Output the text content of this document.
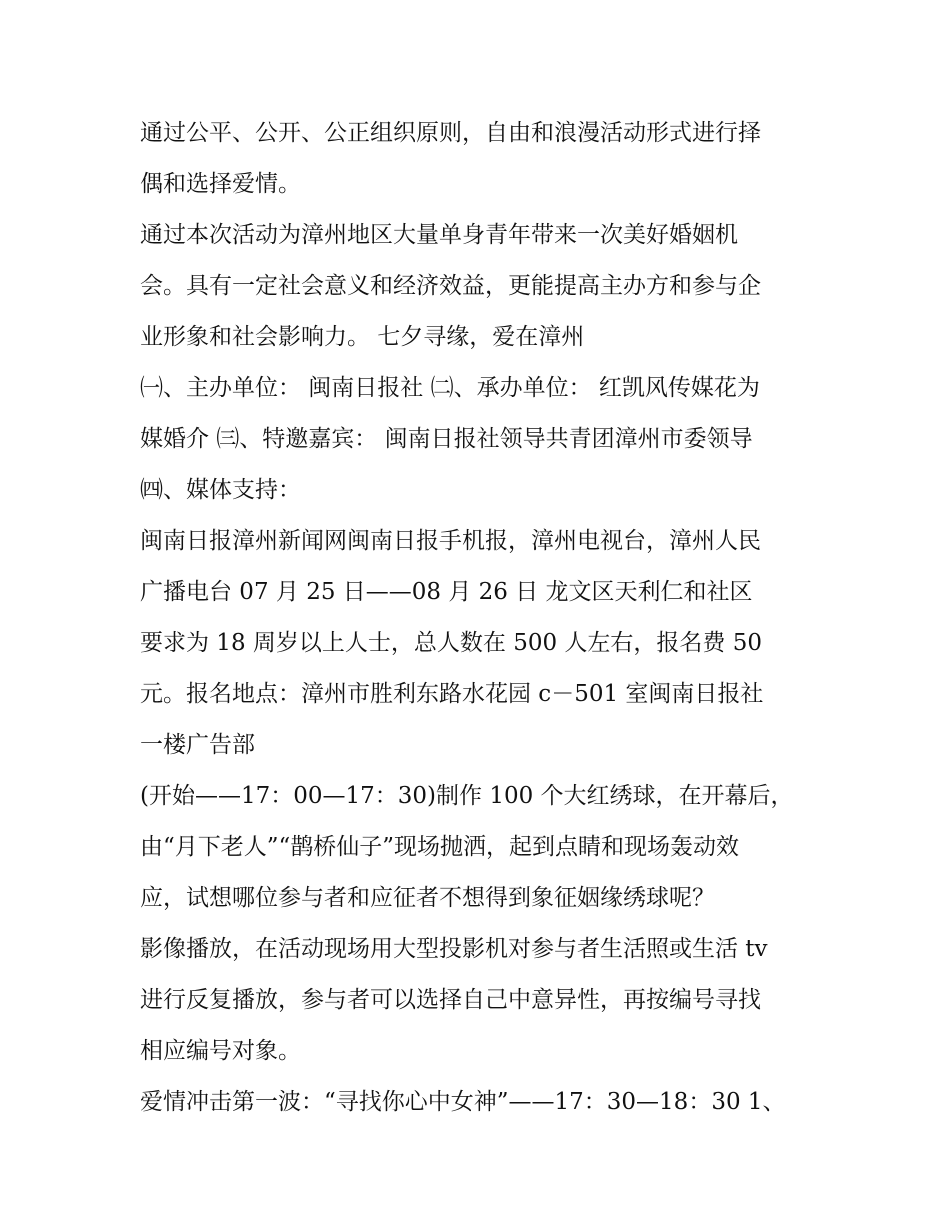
通过公平、公开、公正组织原则，自由和浪漫活动形式进行择
偶和选择爱情。
通过本次活动为漳州地区大量单身青年带来一次美好婚姻机
会。具有一定社会意义和经济效益，更能提高主办方和参与企
业形象和社会影响力。 七夕寻缘，爱在漳州
㈠、主办单位： 闽南日报社 ㈡、承办单位： 红凯风传媒花为
媒婚介 ㈢、特邀嘉宾： 闽南日报社领导共青团漳州市委领导
㈣、媒体支持：
闽南日报漳州新闻网闽南日报手机报，漳州电视台，漳州人民
广播电台 07 月 25 日——08 月 26 日 龙文区天利仁和社区
要求为 18 周岁以上人士，总人数在 500 人左右，报名费 50
元。报名地点：漳州市胜利东路水花园 c－501 室闽南日报社
一楼广告部
(开始——17：00—17：30)制作 100 个大红绣球，在开幕后，
由“月下老人”“鹊桥仙子”现场抛洒，起到点睛和现场轰动效
应，试想哪位参与者和应征者不想得到象征姻缘绣球呢？
影像播放，在活动现场用大型投影机对参与者生活照或生活 tv
进行反复播放，参与者可以选择自己中意异性，再按编号寻找
相应编号对象。
爱情冲击第一波：“寻找你心中女神”——17：30—18：30 1、
